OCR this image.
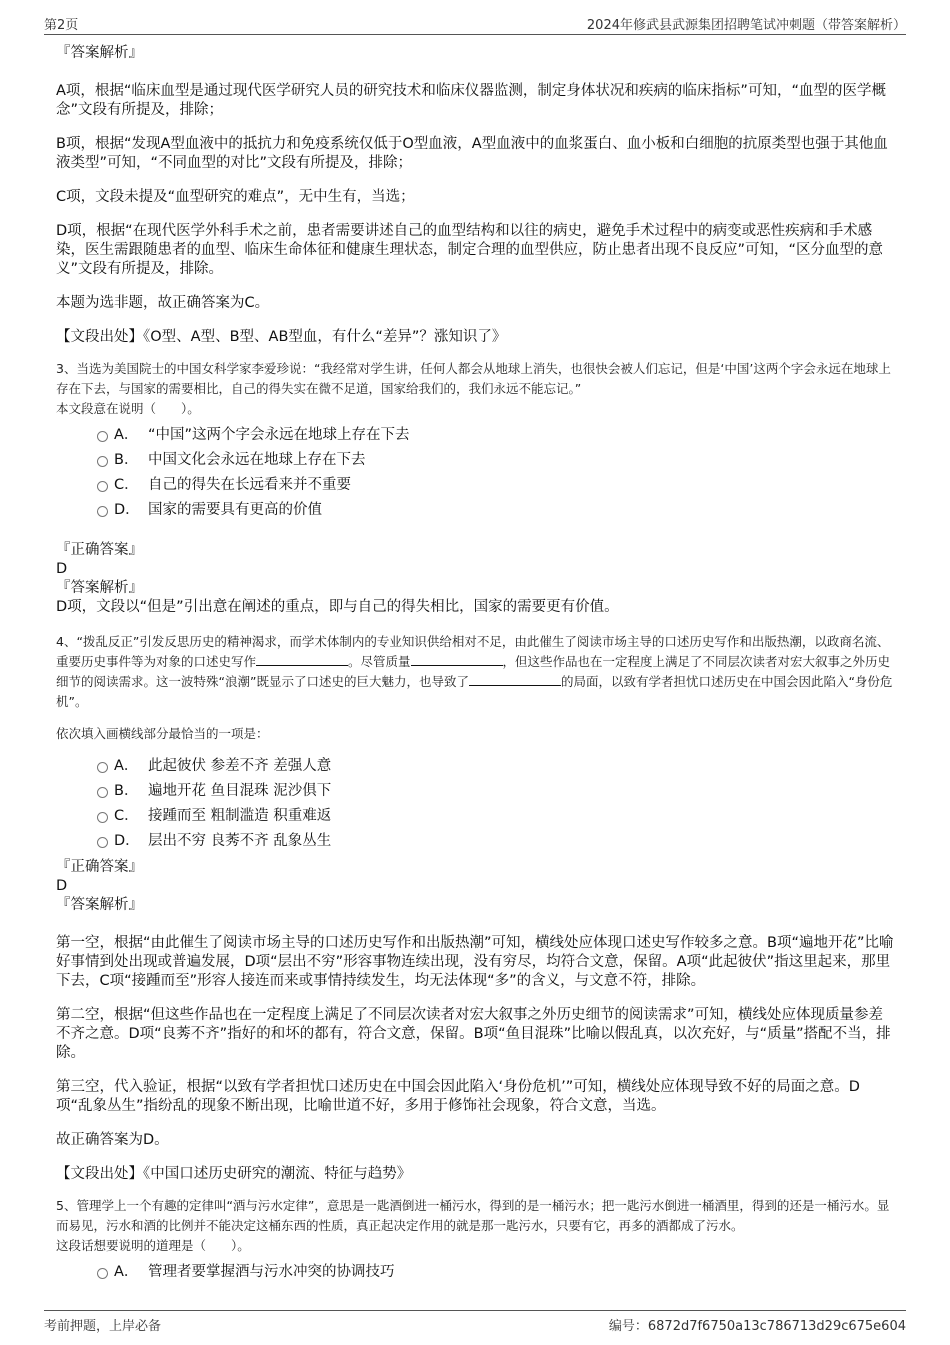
第2页	2024年修武县武源集团招聘笔试冲刺题（带答案解析）

『答案解析』

A项，根据“临床血型是通过现代医学研究人员的研究技术和临床仪器监测，制定身体状况和疾病的临床指标”可知，“血型的医学概念”文段有所提及，排除；

B项，根据“发现A型血液中的抵抗力和免疫系统仅低于O型血液，A型血液中的血浆蛋白、血小板和白细胞的抗原类型也强于其他血液类型”可知，“不同血型的对比”文段有所提及，排除；

C项，文段未提及“血型研究的难点”，无中生有，当选；

D项，根据“在现代医学外科手术之前，患者需要讲述自己的血型结构和以往的病史，避免手术过程中的病变或恶性疾病和手术感染，医生需跟随患者的血型、临床生命体征和健康生理状态，制定合理的血型供应，防止患者出现不良反应”可知，“区分血型的意义”文段有所提及，排除。

本题为选非题，故正确答案为C。

【文段出处】《O型、A型、B型、AB型血，有什么“差异”？涨知识了》

3、当选为美国院士的中国女科学家李爱珍说：“我经常对学生讲，任何人都会从地球上消失，也很快会被人们忘记，但是‘中国’这两个字会永远在地球上存在下去，与国家的需要相比，自己的得失实在微不足道，国家给我们的，我们永远不能忘记。”

本文段意在说明（　　）。

A． “中国”这两个字会永远在地球上存在下去
B． 中国文化会永远在地球上存在下去
C． 自己的得失在长远看来并不重要
D． 国家的需要具有更高的价值

『正确答案』

D

『答案解析』

D项，文段以“但是”引出意在阐述的重点，即与自己的得失相比，国家的需要更有价值。

4、“拨乱反正”引发反思历史的精神渴求，而学术体制内的专业知识供给相对不足，由此催生了阅读市场主导的口述历史写作和出版热潮，以政商名流、重要历史事件等为对象的口述史写作	。尽管质量	，但这些作品也在一定程度上满足了不同层次读者对宏大叙事之外历史细节的阅读需求。这一波特殊“浪潮”既显示了口述史的巨大魅力，也导致了	的局面，以致有学者担忧口述历史在中国会因此陷入“身份危机”。

依次填入画横线部分最恰当的一项是：

A． 此起彼伏 参差不齐 差强人意
B． 遍地开花 鱼目混珠 泥沙俱下
C． 接踵而至 粗制滥造 积重难返
D． 层出不穷 良莠不齐 乱象丛生

『正确答案』

D

『答案解析』

第一空，根据“由此催生了阅读市场主导的口述历史写作和出版热潮”可知，横线处应体现口述史写作较多之意。B项“遍地开花”比喻好事情到处出现或普遍发展，D项“层出不穷”形容事物连续出现，没有穷尽，均符合文意，保留。A项“此起彼伏”指这里起来，那里下去，C项“接踵而至”形容人接连而来或事情持续发生，均无法体现“多”的含义，与文意不符，排除。

第二空，根据“但这些作品也在一定程度上满足了不同层次读者对宏大叙事之外历史细节的阅读需求”可知，横线处应体现质量参差不齐之意。D项“良莠不齐”指好的和坏的都有，符合文意，保留。B项“鱼目混珠”比喻以假乱真，以次充好，与“质量”搭配不当，排除。

第三空，代入验证，根据“以致有学者担忧口述历史在中国会因此陷入‘身份危机’”可知，横线处应体现导致不好的局面之意。D项“乱象丛生”指纷乱的现象不断出现，比喻世道不好，多用于修饰社会现象，符合文意，当选。

故正确答案为D。

【文段出处】《中国口述历史研究的潮流、特征与趋势》

5、管理学上一个有趣的定律叫“酒与污水定律”，意思是一匙酒倒进一桶污水，得到的是一桶污水；把一匙污水倒进一桶酒里，得到的还是一桶污水。显而易见，污水和酒的比例并不能决定这桶东西的性质，真正起决定作用的就是那一匙污水，只要有它，再多的酒都成了污水。

这段话想要说明的道理是（　　）。

A． 管理者要掌握酒与污水冲突的协调技巧
考前押题，上岸必备	编号：6872d7f6750a13c786713d29c675e604
